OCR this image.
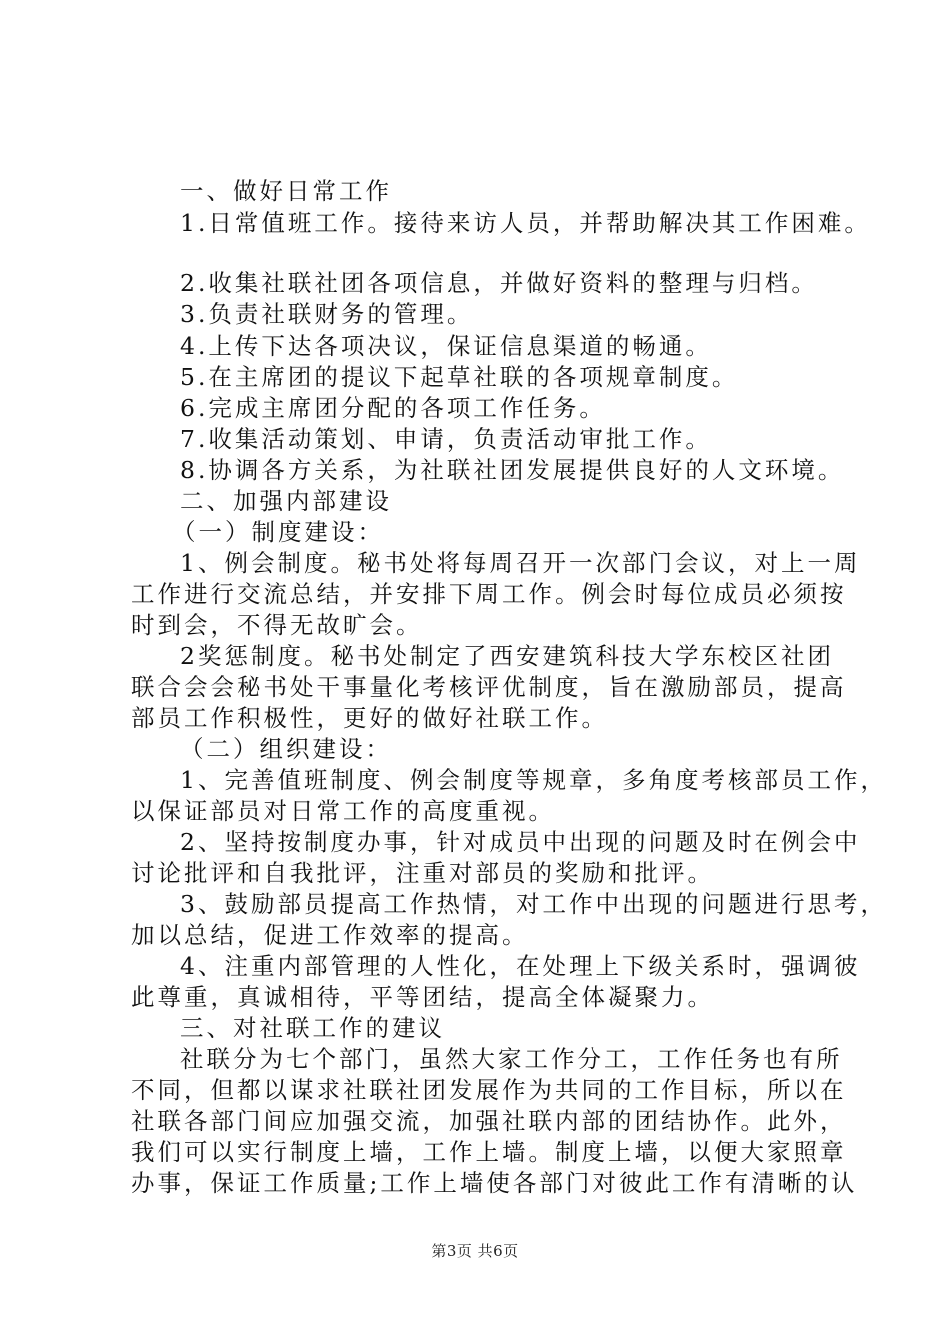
一、做好日常工作
1.日常值班工作。接待来访人员，并帮助解决其工作困难。
2.收集社联社团各项信息，并做好资料的整理与归档。
3.负责社联财务的管理。
4.上传下达各项决议，保证信息渠道的畅通。
5.在主席团的提议下起草社联的各项规章制度。
6.完成主席团分配的各项工作任务。
7.收集活动策划、申请，负责活动审批工作。
8.协调各方关系，为社联社团发展提供良好的人文环境。
二、加强内部建设
（一）制度建设：
1、例会制度。秘书处将每周召开一次部门会议，对上一周
工作进行交流总结，并安排下周工作。例会时每位成员必须按
时到会，不得无故旷会。
2奖惩制度。秘书处制定了西安建筑科技大学东校区社团
联合会会秘书处干事量化考核评优制度，旨在激励部员，提高
部员工作积极性，更好的做好社联工作。
（二）组织建设：
1、完善值班制度、例会制度等规章，多角度考核部员工作，
以保证部员对日常工作的高度重视。
2、坚持按制度办事，针对成员中出现的问题及时在例会中
讨论批评和自我批评，注重对部员的奖励和批评。
3、鼓励部员提高工作热情，对工作中出现的问题进行思考，
加以总结，促进工作效率的提高。
4、注重内部管理的人性化，在处理上下级关系时，强调彼
此尊重，真诚相待，平等团结，提高全体凝聚力。
三、对社联工作的建议
社联分为七个部门，虽然大家工作分工，工作任务也有所
不同，但都以谋求社联社团发展作为共同的工作目标，所以在
社联各部门间应加强交流，加强社联内部的团结协作。此外，
我们可以实行制度上墙，工作上墙。制度上墙，以便大家照章
办事，保证工作质量;工作上墙使各部门对彼此工作有清晰的认
第3页 共6页
